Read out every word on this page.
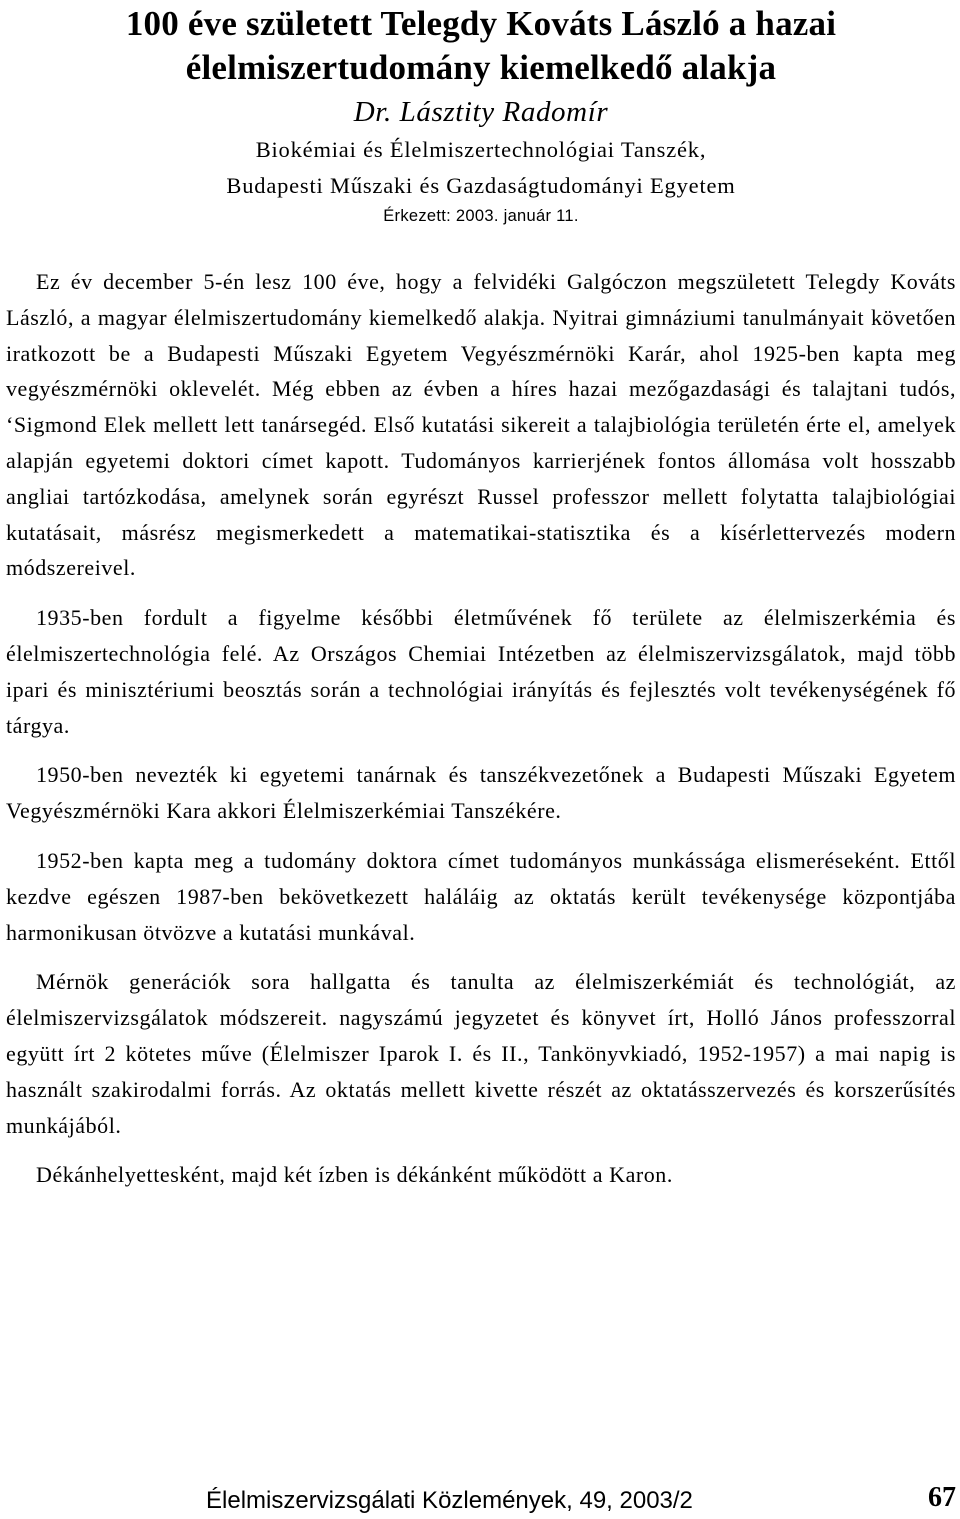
100 éve született Telegdy Kováts László a hazai
élelmiszertudomány kiemelkedő alakja

Dr. Lásztity Radomír

Biokémiai és Élelmiszertechnológiai Tanszék,

Budapesti Műszaki és Gazdaságtudományi Egyetem

Érkezett: 2003. január 11.

Ez év december 5-én lesz 100 éve, hogy a felvidéki Galgóczon megszületett Telegdy Kováts László, a magyar élelmiszertudomány kiemelkedő alakja. Nyitrai gimnáziumi tanulmányait követően iratkozott be a Budapesti Műszaki Egyetem Vegyészmérnöki Karár, ahol 1925-ben kapta meg vegyészmérnöki oklevelét. Még ebben az évben a híres hazai mezőgazdasági és talajtani tudós, ‘Sigmond Elek mellett lett tanársegéd. Első kutatási sikereit a talajbiológia területén érte el, amelyek alapján egyetemi doktori címet kapott. Tudományos karrierjének fontos állomása volt hosszabb angliai tartózkodása, amelynek során egyrészt Russel professzor mellett folytatta talajbiológiai kutatásait, másrész megismerkedett a matematikai-statisztika és a kísérlettervezés modern módszereivel.

1935-ben fordult a figyelme későbbi életművének fő területe az élelmiszerkémia és élelmiszertechnológia felé. Az Országos Chemiai Intézetben az élelmiszervizsgálatok, majd több ipari és minisztériumi beosztás során a technológiai irányítás és fejlesztés volt tevékenységének fő tárgya.

1950-ben nevezték ki egyetemi tanárnak és tanszékvezetőnek a Budapesti Műszaki Egyetem Vegyészmérnöki Kara akkori Élelmiszerkémiai Tanszékére.

1952-ben kapta meg a tudomány doktora címet tudományos munkássága elismeréseként. Ettől kezdve egészen 1987-ben bekövetkezett haláláig az oktatás került tevékenysége központjába harmonikusan ötvözve a kutatási munkával.

Mérnök generációk sora hallgatta és tanulta az élelmiszerkémiát és technológiát, az élelmiszervizsgálatok módszereit. nagyszámú jegyzetet és könyvet írt, Holló János professzorral együtt írt 2 kötetes műve (Élelmiszer Iparok I. és II., Tankönyvkiadó, 1952-1957) a mai napig is használt szakirodalmi forrás. Az oktatás mellett kivette részét az oktatásszervezés és korszerűsítés munkájából.

Dékánhelyettesként, majd két ízben is dékánként működött a Karon.

Élelmiszervizsgálati Közlemények, 49, 2003/2	67
